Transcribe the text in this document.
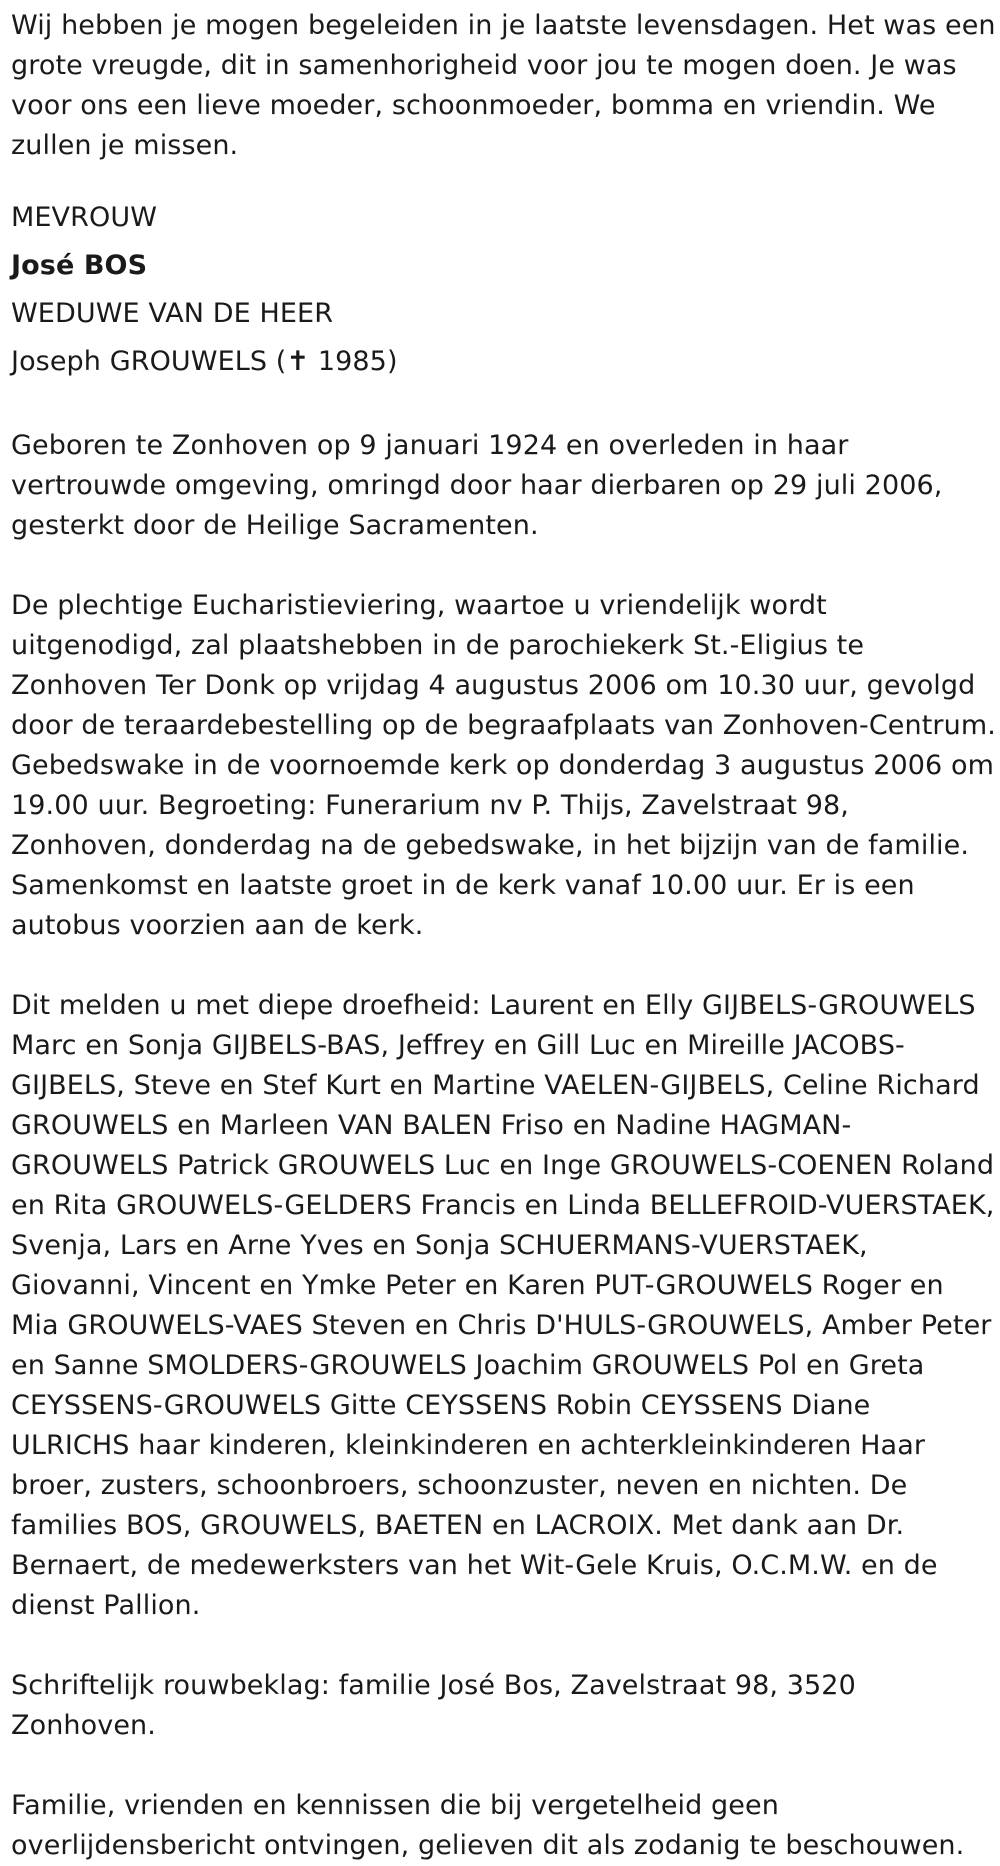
Wij hebben je mogen begeleiden in je laatste levensdagen. Het was een grote vreugde, dit in samenhorigheid voor jou te mogen doen. Je was voor ons een lieve moeder, schoonmoeder, bomma en vriendin. We zullen je missen.

MEVROUW

José BOS

WEDUWE VAN DE HEER

Joseph GROUWELS (✝ 1985)

Geboren te Zonhoven op 9 januari 1924 en overleden in haar vertrouwde omgeving, omringd door haar dierbaren op 29 juli 2006, gesterkt door de Heilige Sacramenten.

De plechtige Eucharistieviering, waartoe u vriendelijk wordt uitgenodigd, zal plaatshebben in de parochiekerk St.-Eligius te Zonhoven Ter Donk op vrijdag 4 augustus 2006 om 10.30 uur, gevolgd door de teraardebestelling op de begraafplaats van Zonhoven-Centrum. Gebedswake in de voornoemde kerk op donderdag 3 augustus 2006 om 19.00 uur. Begroeting: Funerarium nv P. Thijs, Zavelstraat 98, Zonhoven, donderdag na de gebedswake, in het bijzijn van de familie. Samenkomst en laatste groet in de kerk vanaf 10.00 uur. Er is een autobus voorzien aan de kerk.

Dit melden u met diepe droefheid: Laurent en Elly GIJBELS-GROUWELS Marc en Sonja GIJBELS-BAS, Jeffrey en Gill Luc en Mireille JACOBS-GIJBELS, Steve en Stef Kurt en Martine VAELEN-GIJBELS, Celine Richard GROUWELS en Marleen VAN BALEN Friso en Nadine HAGMAN-GROUWELS Patrick GROUWELS Luc en Inge GROUWELS-COENEN Roland en Rita GROUWELS-GELDERS Francis en Linda BELLEFROID-VUERSTAEK, Svenja, Lars en Arne Yves en Sonja SCHUERMANS-VUERSTAEK, Giovanni, Vincent en Ymke Peter en Karen PUT-GROUWELS Roger en Mia GROUWELS-VAES Steven en Chris D'HULS-GROUWELS, Amber Peter en Sanne SMOLDERS-GROUWELS Joachim GROUWELS Pol en Greta CEYSSENS-GROUWELS Gitte CEYSSENS Robin CEYSSENS Diane ULRICHS haar kinderen, kleinkinderen en achterkleinkinderen Haar broer, zusters, schoonbroers, schoonzuster, neven en nichten. De families BOS, GROUWELS, BAETEN en LACROIX. Met dank aan Dr. Bernaert, de medewerksters van het Wit-Gele Kruis, O.C.M.W. en de dienst Pallion.

Schriftelijk rouwbeklag: familie José Bos, Zavelstraat 98, 3520 Zonhoven.

Familie, vrienden en kennissen die bij vergetelheid geen overlijdensbericht ontvingen, gelieven dit als zodanig te beschouwen.
